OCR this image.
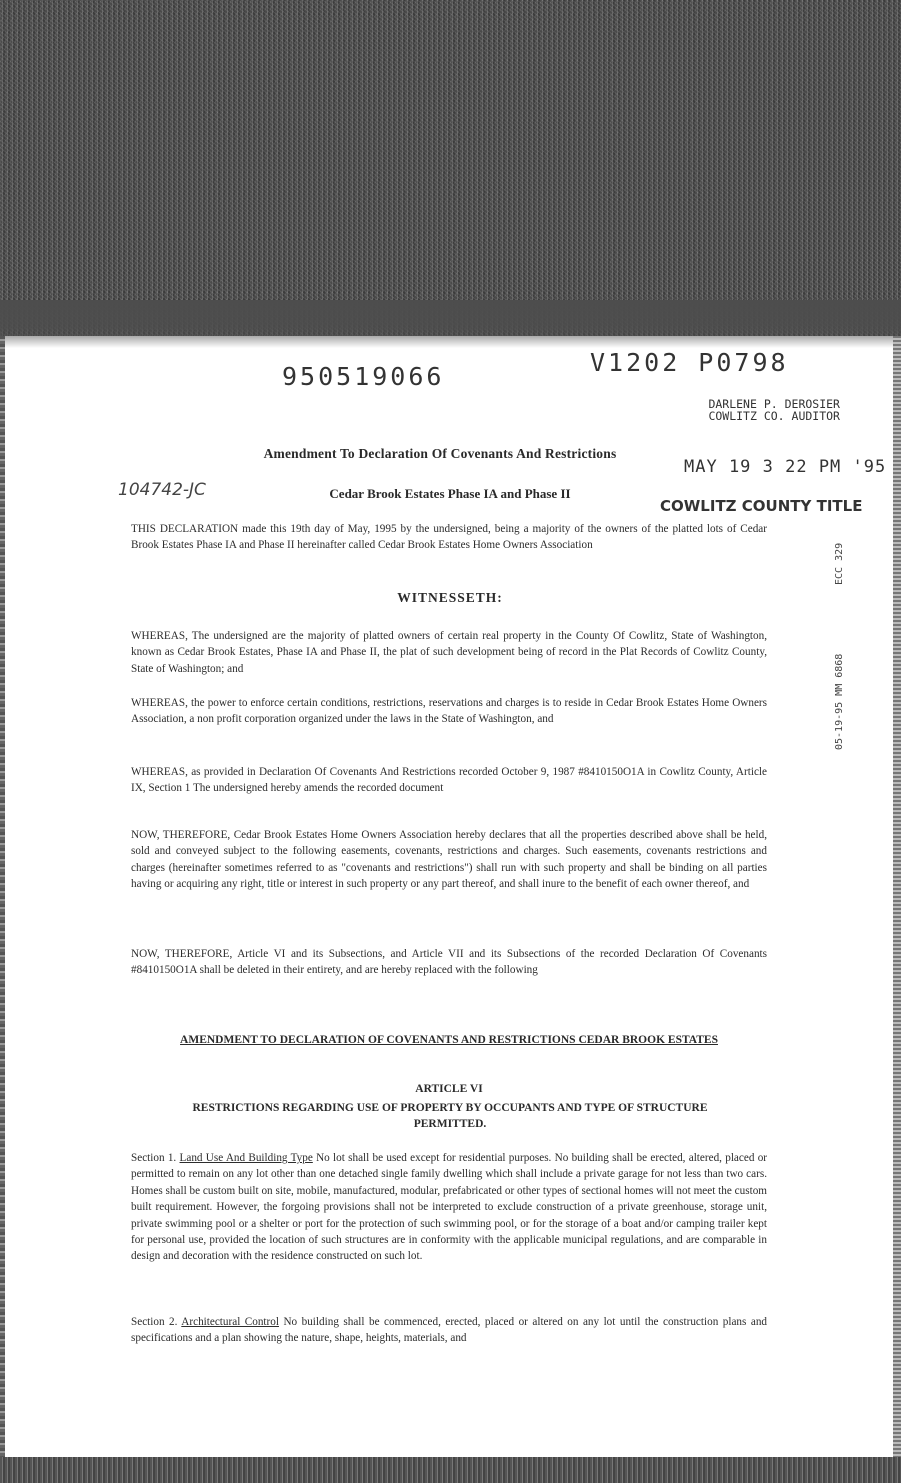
950519066	V1202 P0798
DARLENE P. DEROSIER
COWLITZ CO. AUDITOR
MAY 19 3 22 PM '95
COWLITZ COUNTY TITLE
104742-JC
ECC 329
05-19-95 MM 6868
Amendment To Declaration Of Covenants And Restrictions
Cedar Brook Estates Phase IA and Phase II
THIS DECLARATION made this 19th day of May, 1995 by the undersigned, being a majority of the owners of the platted lots of Cedar Brook Estates Phase IA and Phase II hereinafter called Cedar Brook Estates Home Owners Association
WITNESSETH:
WHEREAS, The undersigned are the majority of platted owners of certain real property in the County Of Cowlitz, State of Washington, known as Cedar Brook Estates, Phase IA and Phase II, the plat of such development being of record in the Plat Records of Cowlitz County, State of Washington; and
WHEREAS, the power to enforce certain conditions, restrictions, reservations and charges is to reside in Cedar Brook Estates Home Owners Association, a non profit corporation organized under the laws in the State of Washington, and
WHEREAS, as provided in Declaration Of Covenants And Restrictions recorded October 9, 1987 #8410150O1A in Cowlitz County, Article IX, Section 1 The undersigned hereby amends the recorded document
NOW, THEREFORE, Cedar Brook Estates Home Owners Association hereby declares that all the properties described above shall be held, sold and conveyed subject to the following easements, covenants, restrictions and charges. Such easements, covenants restrictions and charges (hereinafter sometimes referred to as "covenants and restrictions") shall run with such property and shall be binding on all parties having or acquiring any right, title or interest in such property or any part thereof, and shall inure to the benefit of each owner thereof, and
NOW, THEREFORE, Article VI and its Subsections, and Article VII and its Subsections of the recorded Declaration Of Covenants #8410150O1A shall be deleted in their entirety, and are hereby replaced with the following
AMENDMENT TO DECLARATION OF COVENANTS AND RESTRICTIONS CEDAR BROOK ESTATES
ARTICLE VI
RESTRICTIONS REGARDING USE OF PROPERTY BY OCCUPANTS AND TYPE OF STRUCTURE PERMITTED.
Section 1. Land Use And Building Type No lot shall be used except for residential purposes. No building shall be erected, altered, placed or permitted to remain on any lot other than one detached single family dwelling which shall include a private garage for not less than two cars. Homes shall be custom built on site, mobile, manufactured, modular, prefabricated or other types of sectional homes will not meet the custom built requirement. However, the forgoing provisions shall not be interpreted to exclude construction of a private greenhouse, storage unit, private swimming pool or a shelter or port for the protection of such swimming pool, or for the storage of a boat and/or camping trailer kept for personal use, provided the location of such structures are in conformity with the applicable municipal regulations, and are comparable in design and decoration with the residence constructed on such lot.
Section 2. Architectural Control No building shall be commenced, erected, placed or altered on any lot until the construction plans and specifications and a plan showing the nature, shape, heights, materials, and
